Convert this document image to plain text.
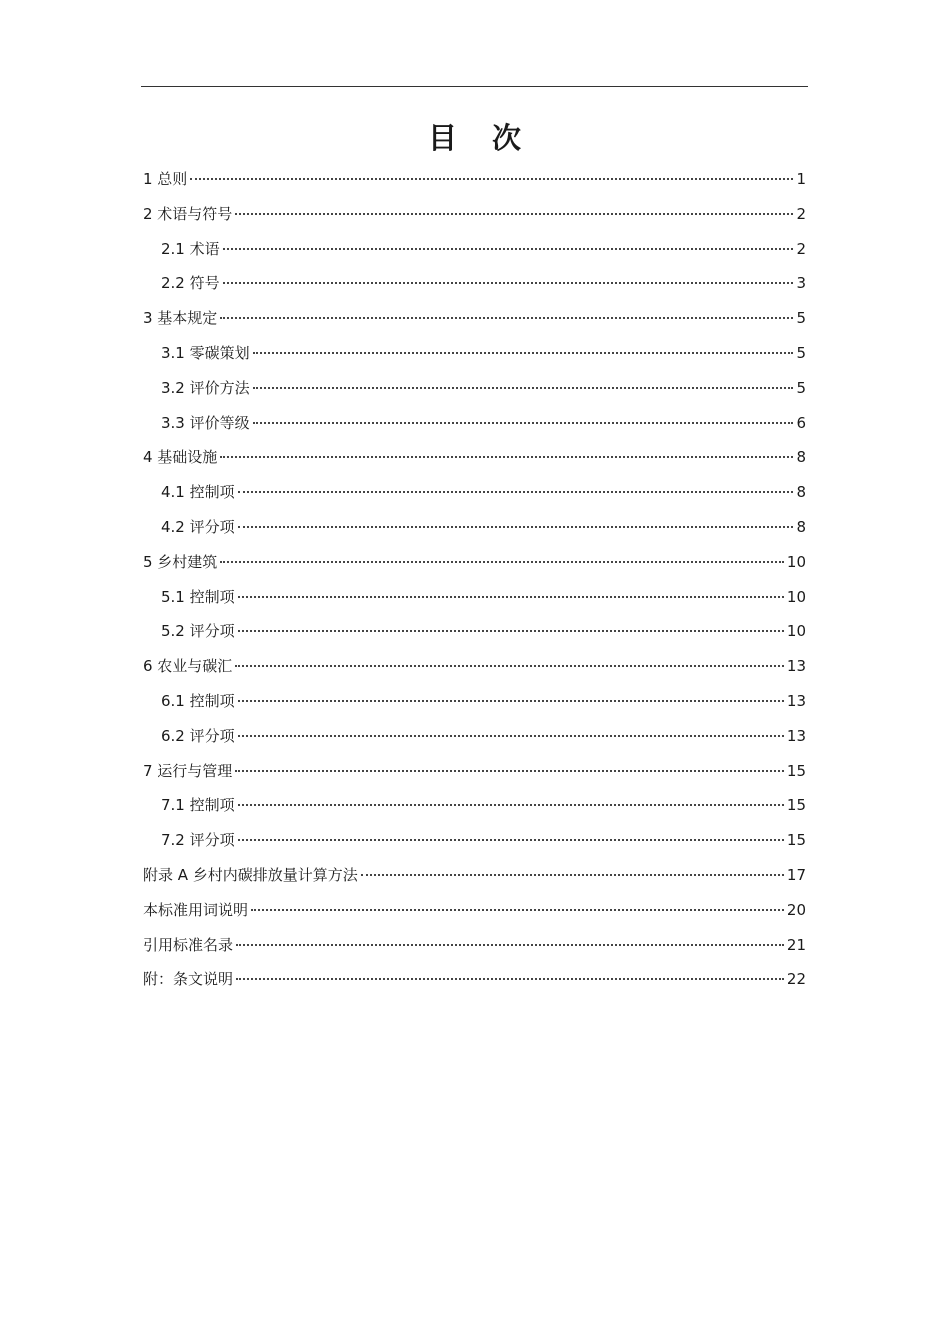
目 次
1 总则	1
2 术语与符号	2
2.1 术语	2
2.2 符号	3
3 基本规定	5
3.1 零碳策划	5
3.2 评价方法	5
3.3 评价等级	6
4 基础设施	8
4.1 控制项	8
4.2 评分项	8
5 乡村建筑	10
5.1 控制项	10
5.2 评分项	10
6 农业与碳汇	13
6.1 控制项	13
6.2 评分项	13
7 运行与管理	15
7.1 控制项	15
7.2 评分项	15
附录 A 乡村内碳排放量计算方法	17
本标准用词说明	20
引用标准名录	21
附：条文说明	22
